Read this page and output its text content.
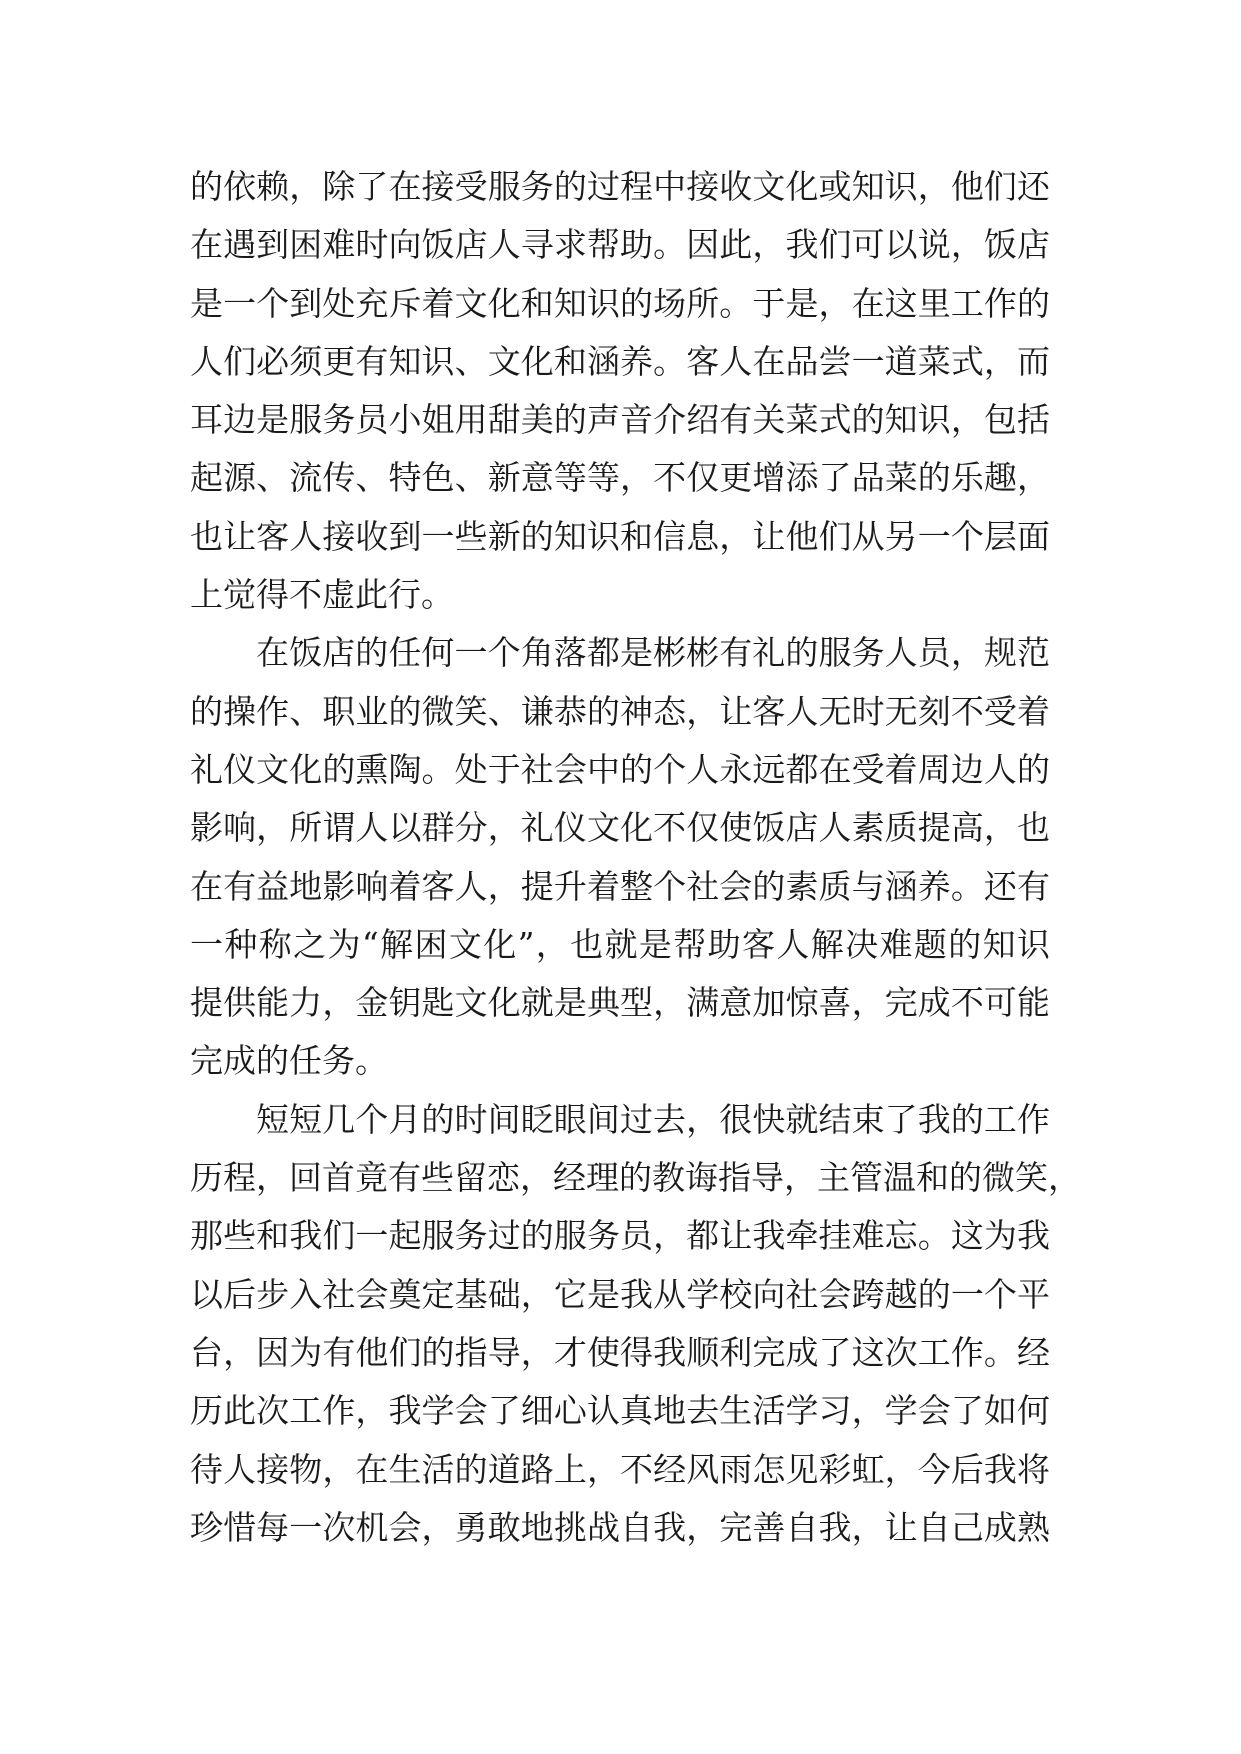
的依赖，除了在接受服务的过程中接收文化或知识，他们还
在遇到困难时向饭店人寻求帮助。因此，我们可以说，饭店
是一个到处充斥着文化和知识的场所。于是，在这里工作的
人们必须更有知识、文化和涵养。客人在品尝一道菜式，而
耳边是服务员小姐用甜美的声音介绍有关菜式的知识，包括
起源、流传、特色、新意等等，不仅更增添了品菜的乐趣，
也让客人接收到一些新的知识和信息，让他们从另一个层面
上觉得不虚此行。
在饭店的任何一个角落都是彬彬有礼的服务人员，规范
的操作、职业的微笑、谦恭的神态，让客人无时无刻不受着
礼仪文化的熏陶。处于社会中的个人永远都在受着周边人的
影响，所谓人以群分，礼仪文化不仅使饭店人素质提高，也
在有益地影响着客人，提升着整个社会的素质与涵养。还有
一种称之为“解困文化”，也就是帮助客人解决难题的知识
提供能力，金钥匙文化就是典型，满意加惊喜，完成不可能
完成的任务。
短短几个月的时间眨眼间过去，很快就结束了我的工作
历程，回首竟有些留恋，经理的教诲指导，主管温和的微笑，
那些和我们一起服务过的服务员，都让我牵挂难忘。这为我
以后步入社会奠定基础，它是我从学校向社会跨越的一个平
台，因为有他们的指导，才使得我顺利完成了这次工作。经
历此次工作，我学会了细心认真地去生活学习，学会了如何
待人接物，在生活的道路上，不经风雨怎见彩虹，今后我将
珍惜每一次机会，勇敢地挑战自我，完善自我，让自己成熟
